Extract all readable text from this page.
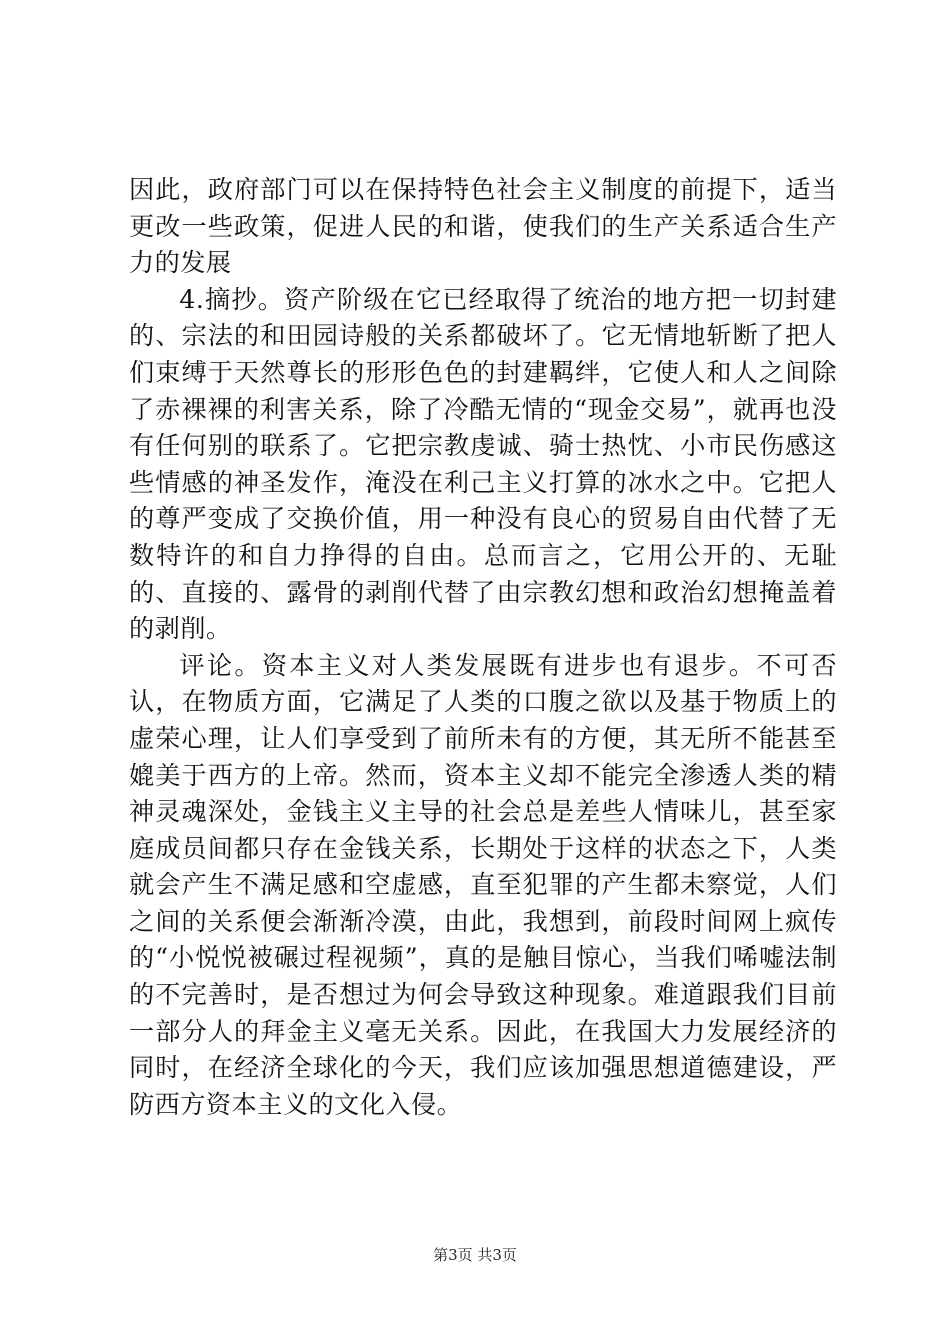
因此，政府部门可以在保持特色社会主义制度的前提下，适当更改一些政策，促进人民的和谐，使我们的生产关系适合生产力的发展

4.摘抄。资产阶级在它已经取得了统治的地方把一切封建的、宗法的和田园诗般的关系都破坏了。它无情地斩断了把人们束缚于天然尊长的形形色色的封建羁绊，它使人和人之间除了赤裸裸的利害关系，除了冷酷无情的“现金交易”，就再也没有任何别的联系了。它把宗教虔诚、骑士热忱、小市民伤感这些情感的神圣发作，淹没在利己主义打算的冰水之中。它把人的尊严变成了交换价值，用一种没有良心的贸易自由代替了无数特许的和自力挣得的自由。总而言之，它用公开的、无耻的、直接的、露骨的剥削代替了由宗教幻想和政治幻想掩盖着的剥削。

评论。资本主义对人类发展既有进步也有退步。不可否认，在物质方面，它满足了人类的口腹之欲以及基于物质上的虚荣心理，让人们享受到了前所未有的方便，其无所不能甚至媲美于西方的上帝。然而，资本主义却不能完全渗透人类的精神灵魂深处，金钱主义主导的社会总是差些人情味儿，甚至家庭成员间都只存在金钱关系，长期处于这样的状态之下，人类就会产生不满足感和空虚感，直至犯罪的产生都未察觉，人们之间的关系便会渐渐冷漠，由此，我想到，前段时间网上疯传的“小悦悦被碾过程视频”，真的是触目惊心，当我们唏嘘法制的不完善时，是否想过为何会导致这种现象。难道跟我们目前一部分人的拜金主义毫无关系。因此，在我国大力发展经济的同时，在经济全球化的今天，我们应该加强思想道德建设，严防西方资本主义的文化入侵。

第3页 共3页
